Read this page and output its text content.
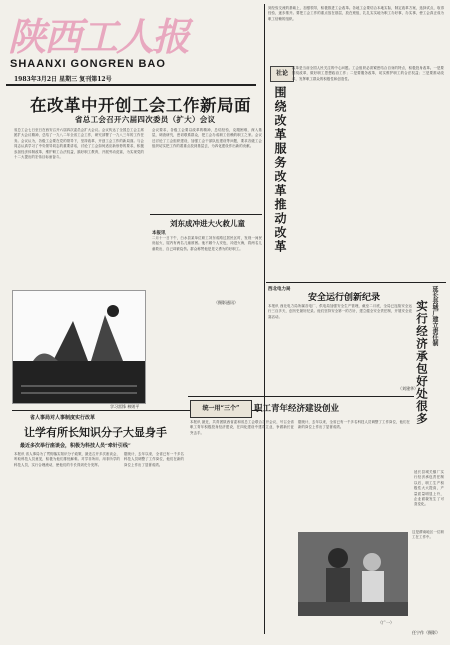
陕西工人报
SHAANXI GONGREN BAO
1983年3月2日 星期三 复刊第12号
在改革中开创工会工作新局面
省总工会召开六届四次委员（扩大）会议
省总工会七日至日在西安召开六届四次委员会扩大会议。会议传达了全国总工会主席团扩大会议精神，总结了一九八二年全省工会工作，研究部署了一九八三年的工作任务。会议认为，各级工会要在党的领导下，坚持改革，开创工会工作的新局面。与会同志认真学习了中央领导同志的重要讲话，讨论了工会如何适应新形势的要求，积极参加经济体制改革，维护职工合法权益，搞好职工教育，开展劳动竞赛，为实现党的十二大提出的宏伟目标而奋斗。
会议要求，各级工会要以改革的精神，总结经验，克服困难，深入基层，调查研究，密切联系群众，把工会办成职工信赖的职工之家。会议还讨论了工会组织建设，加强工会干部队伍建设等问题，要求各级工会组织切实把工作的着重点放到基层去，为四化建设作出新的贡献。
刘东成冲进大火救儿童
本报讯
二月十一日下午，白水县某单位职工刘东成路过居民区时，发现一间民房起火，屋内有两名儿童被困。他不顾个人安危，冲进火海，将两名儿童救出，自己却被烧伤。群众称赞他是见义勇为的好职工。
（摄影通讯）
学习雷锋 林则平
省人事局对人事制度实行改革
让学有所长知识分子大显身手
最近多次举行座谈会，积极为科技人员“牵针引线”
本报讯 省人事局为了贯彻落实知识分子政策，最近召开多次座谈会，听取科技人员意见，积极为他们排忧解难。对学非所用、用非所学的科技人员，实行合理流动，使他们的专长得到充分发挥。
据统计，去年以来，全省已有一千多名科技人员调整了工作岗位，他们在新的岗位上作出了显著成绩。
到经验交流的基础上，加强领导，积极推进工会改革。各地工会要结合本地实际，制定改革方案，选择试点，取得经验，逐步推开。要把工会工作的重点放在基层，放在班组，扎扎实实地为职工办好事，办实事，使工会真正成为职工信赖的组织。
社论
围绕改革服务改革推动改革
改革是当前全国人民关注的中心问题。工会组织必须紧密结合自身的特点，积极投身改革。一是要围绕改革，做好职工思想政治工作；二是要服务改革，切实维护职工的合法权益；三是要推动改革，发挥职工群众的积极性和创造性。
西北电力局
安全运行创新纪录
本报讯 西北电力局所属各电厂、供电局加强安全生产管理，截至二月底，全局已连续安全运行三百多天，创历史最好纪录。他们坚持安全第一的方针，建立健全安全责任制，开展安全竞赛活动。
（刘建华）
延长县城厂建立责任制
实行经济承包好处很多
延长县城关镇厂实行经济承包责任制以后，职工生产积极性大大提高，产量质量明显上升，企业面貌发生了可喜变化。
统一用“三个”	职工青年经济建设创业
本报讯 最近，共青团陕西省委和省总工会联合召开会议，号召全省职工青年积极投身经济建设，在四化建设中建功立业，争做新长征突击手。
据统计，去年以来，全省已有一千多名科技人员调整了工作岗位，他们在新的岗位上作出了显著成绩。
（广一）
这是渭南地区一位职工在工作中。
任宁作（摄影）
